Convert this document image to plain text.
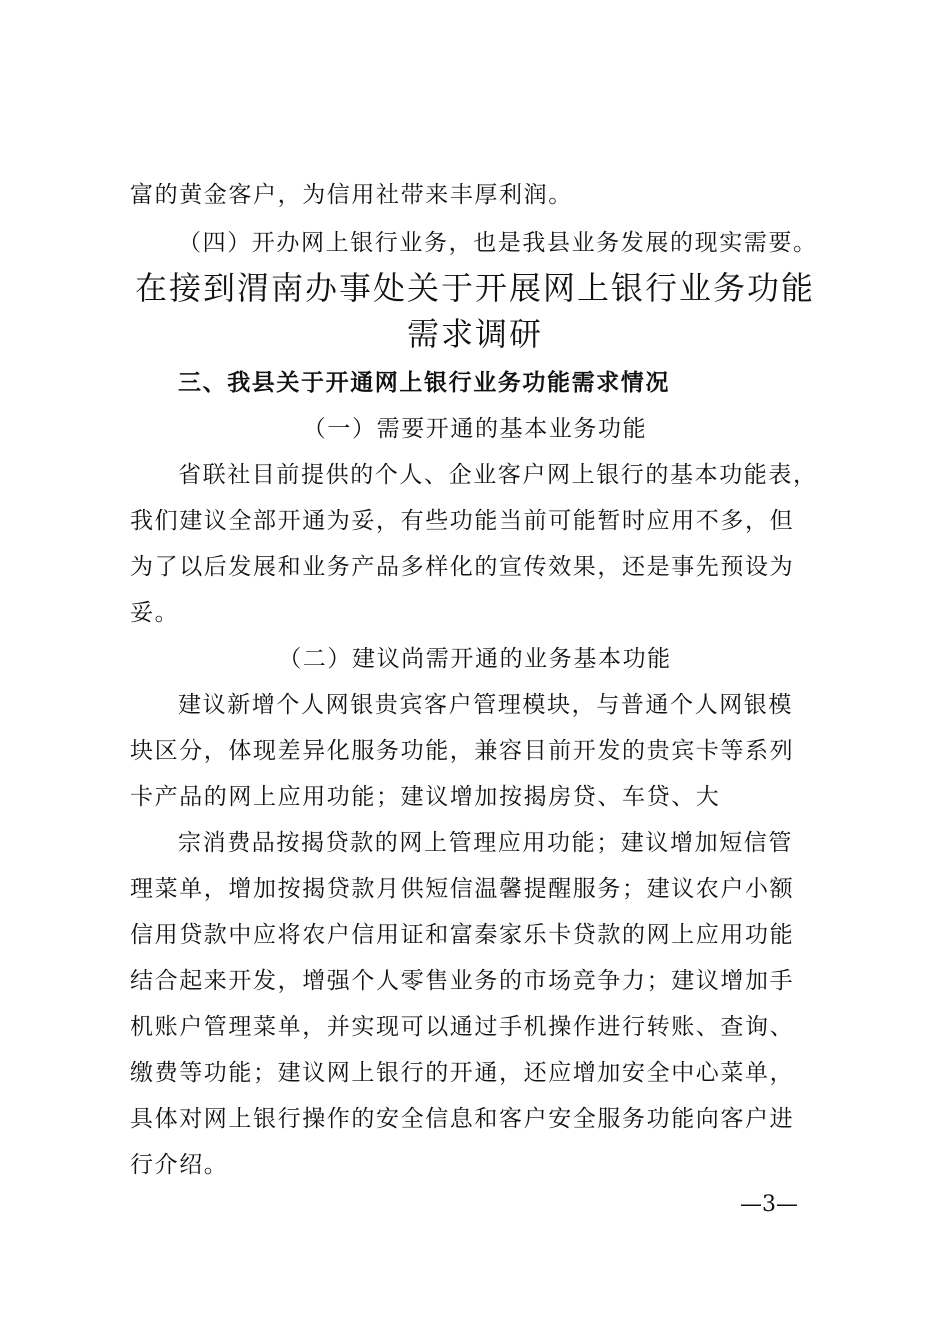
富的黄金客户，为信用社带来丰厚利润。
（四）开办网上银行业务，也是我县业务发展的现实需要。
在接到渭南办事处关于开展网上银行业务功能
需求调研
三、我县关于开通网上银行业务功能需求情况
（一）需要开通的基本业务功能
省联社目前提供的个人、企业客户网上银行的基本功能表，
我们建议全部开通为妥，有些功能当前可能暂时应用不多，但
为了以后发展和业务产品多样化的宣传效果，还是事先预设为
妥。
（二）建议尚需开通的业务基本功能
建议新增个人网银贵宾客户管理模块，与普通个人网银模
块区分，体现差异化服务功能，兼容目前开发的贵宾卡等系列
卡产品的网上应用功能；建议增加按揭房贷、车贷、大
宗消费品按揭贷款的网上管理应用功能；建议增加短信管
理菜单，增加按揭贷款月供短信温馨提醒服务；建议农户小额
信用贷款中应将农户信用证和富秦家乐卡贷款的网上应用功能
结合起来开发，增强个人零售业务的市场竞争力；建议增加手
机账户管理菜单，并实现可以通过手机操作进行转账、查询、
缴费等功能；建议网上银行的开通，还应增加安全中心菜单，
具体对网上银行操作的安全信息和客户安全服务功能向客户进
行介绍。
—3—
